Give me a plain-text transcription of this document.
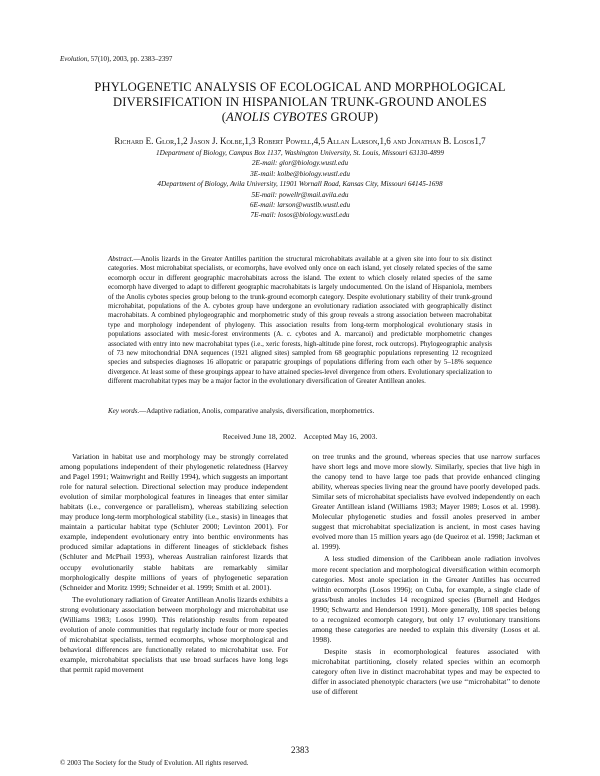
Evolution, 57(10), 2003, pp. 2383–2397
PHYLOGENETIC ANALYSIS OF ECOLOGICAL AND MORPHOLOGICAL
DIVERSIFICATION IN HISPANIOLAN TRUNK-GROUND ANOLES
(ANOLIS CYBOTES GROUP)
Richard E. Glor,1,2 Jason J. Kolbe,1,3 Robert Powell,4,5 Allan Larson,1,6 and Jonathan B. Losos1,7
1Department of Biology, Campus Box 1137, Washington University, St. Louis, Missouri 63130-4899
2E-mail: glor@biology.wustl.edu
3E-mail: kolbe@biology.wustl.edu
4Department of Biology, Avila University, 11901 Wornall Road, Kansas City, Missouri 64145-1698
5E-mail: powellr@mail.avila.edu
6E-mail: larson@wustlb.wustl.edu
7E-mail: losos@biology.wustl.edu
Abstract.—Anolis lizards in the Greater Antilles partition the structural microhabitats available at a given site into four to six distinct categories. Most microhabitat specialists, or ecomorphs, have evolved only once on each island, yet closely related species of the same ecomorph occur in different geographic macrohabitats across the island. The extent to which closely related species of the same ecomorph have diverged to adapt to different geographic macrohabitats is largely undocumented. On the island of Hispaniola, members of the Anolis cybotes species group belong to the trunk-ground ecomorph category. Despite evolutionary stability of their trunk-ground microhabitat, populations of the A. cybotes group have undergone an evolutionary radiation associated with geographically distinct macrohabitats. A combined phylogeographic and morphometric study of this group reveals a strong association between macrohabitat type and morphology independent of phylogeny. This association results from long-term morphological evolutionary stasis in populations associated with mesic-forest environments (A. c. cybotes and A. marcanoi) and predictable morphometric changes associated with entry into new macrohabitat types (i.e., xeric forests, high-altitude pine forest, rock outcrops). Phylogeographic analysis of 73 new mitochondrial DNA sequences (1921 aligned sites) sampled from 68 geographic populations representing 12 recognized species and subspecies diagnoses 16 allopatric or parapatric groupings of populations differing from each other by 5–18% sequence divergence. At least some of these groupings appear to have attained species-level divergence from others. Evolutionary specialization to different macrohabitat types may be a major factor in the evolutionary diversification of Greater Antillean anoles.
Key words.—Adaptive radiation, Anolis, comparative analysis, diversification, morphometrics.
Received June 18, 2002.    Accepted May 16, 2003.

Variation in habitat use and morphology may be strongly correlated among populations independent of their phylogenetic relatedness (Harvey and Pagel 1991; Wainwright and Reilly 1994), which suggests an important role for natural selection. Directional selection may produce independent evolution of similar morphological features in lineages that enter similar habitats (i.e., convergence or parallelism), whereas stabilizing selection may produce long-term morphological stability (i.e., stasis) in lineages that maintain a particular habitat type (Schluter 2000; Levinton 2001). For example, independent evolutionary entry into benthic environments has produced similar adaptations in different lineages of stickleback fishes (Schluter and McPhail 1993), whereas Australian rainforest lizards that occupy evolutionarily stable habitats are remarkably similar morphologically despite millions of years of phylogenetic separation (Schneider and Moritz 1999; Schneider et al. 1999; Smith et al. 2001).

The evolutionary radiation of Greater Antillean Anolis lizards exhibits a strong evolutionary association between morphology and microhabitat use (Williams 1983; Losos 1990). This relationship results from repeated evolution of anole communities that regularly include four or more species of microhabitat specialists, termed ecomorphs, whose morphological and behavioral differences are functionally related to microhabitat use. For example, microhabitat specialists that use broad surfaces have long legs that permit rapid movement

on tree trunks and the ground, whereas species that use narrow surfaces have short legs and move more slowly. Similarly, species that live high in the canopy tend to have large toe pads that provide enhanced clinging ability, whereas species living near the ground have poorly developed pads. Similar sets of microhabitat specialists have evolved independently on each Greater Antillean island (Williams 1983; Mayer 1989; Losos et al. 1998). Molecular phylogenetic studies and fossil anoles preserved in amber suggest that microhabitat specialization is ancient, in most cases having evolved more than 15 million years ago (de Queiroz et al. 1998; Jackman et al. 1999).

A less studied dimension of the Caribbean anole radiation involves more recent speciation and morphological diversification within ecomorph categories. Most anole speciation in the Greater Antilles has occurred within ecomorphs (Losos 1996); on Cuba, for example, a single clade of grass/bush anoles includes 14 recognized species (Burnell and Hedges 1990; Schwartz and Henderson 1991). More generally, 108 species belong to a recognized ecomorph category, but only 17 evolutionary transitions among these categories are needed to explain this diversity (Losos et al. 1998).

Despite stasis in ecomorphological features associated with microhabitat partitioning, closely related species within an ecomorph category often live in distinct macrohabitat types and may be expected to differ in associated phenotypic characters (we use ‘‘microhabitat’’ to denote use of different

2383
© 2003 The Society for the Study of Evolution. All rights reserved.
